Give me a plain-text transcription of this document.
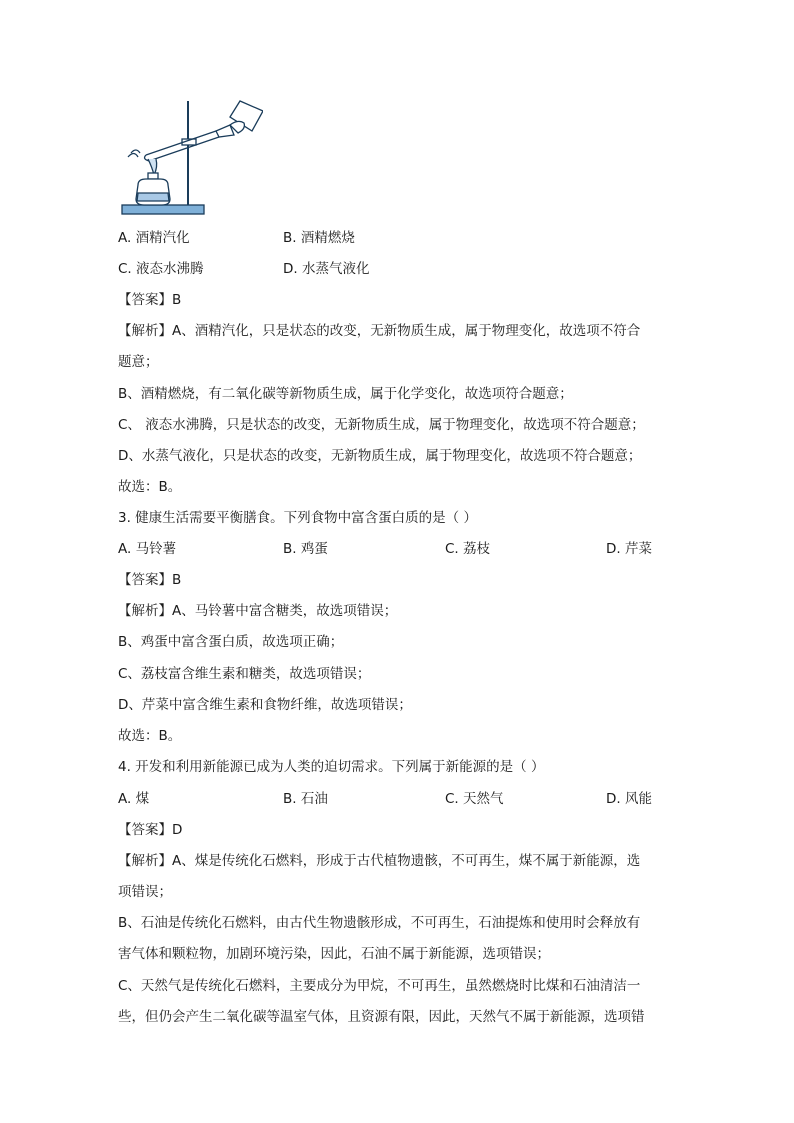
A. 酒精汽化	B. 酒精燃烧
C. 液态水沸腾	D. 水蒸气液化
【答案】B
【解析】A、酒精汽化，只是状态的改变，无新物质生成，属于物理变化，故选项不符合
题意；
B、酒精燃烧，有二氧化碳等新物质生成，属于化学变化，故选项符合题意；
C、 液态水沸腾，只是状态的改变，无新物质生成，属于物理变化，故选项不符合题意；
D、水蒸气液化，只是状态的改变，无新物质生成，属于物理变化，故选项不符合题意；
故选：B。
3. 健康生活需要平衡膳食。下列食物中富含蛋白质的是（ ）
A. 马铃薯	B. 鸡蛋	C. 荔枝	D. 芹菜
【答案】B
【解析】A、马铃薯中富含糖类，故选项错误；
B、鸡蛋中富含蛋白质，故选项正确；
C、荔枝富含维生素和糖类，故选项错误；
D、芹菜中富含维生素和食物纤维，故选项错误；
故选：B。
4. 开发和利用新能源已成为人类的迫切需求。下列属于新能源的是（ ）
A. 煤	B. 石油	C. 天然气	D. 风能
【答案】D
【解析】A、煤是传统化石燃料，形成于古代植物遗骸，不可再生，煤不属于新能源，选
项错误；
B、石油是传统化石燃料，由古代生物遗骸形成，不可再生，石油提炼和使用时会释放有
害气体和颗粒物，加剧环境污染，因此，石油不属于新能源，选项错误；
C、天然气是传统化石燃料，主要成分为甲烷，不可再生，虽然燃烧时比煤和石油清洁一
些，但仍会产生二氧化碳等温室气体，且资源有限，因此，天然气不属于新能源，选项错
